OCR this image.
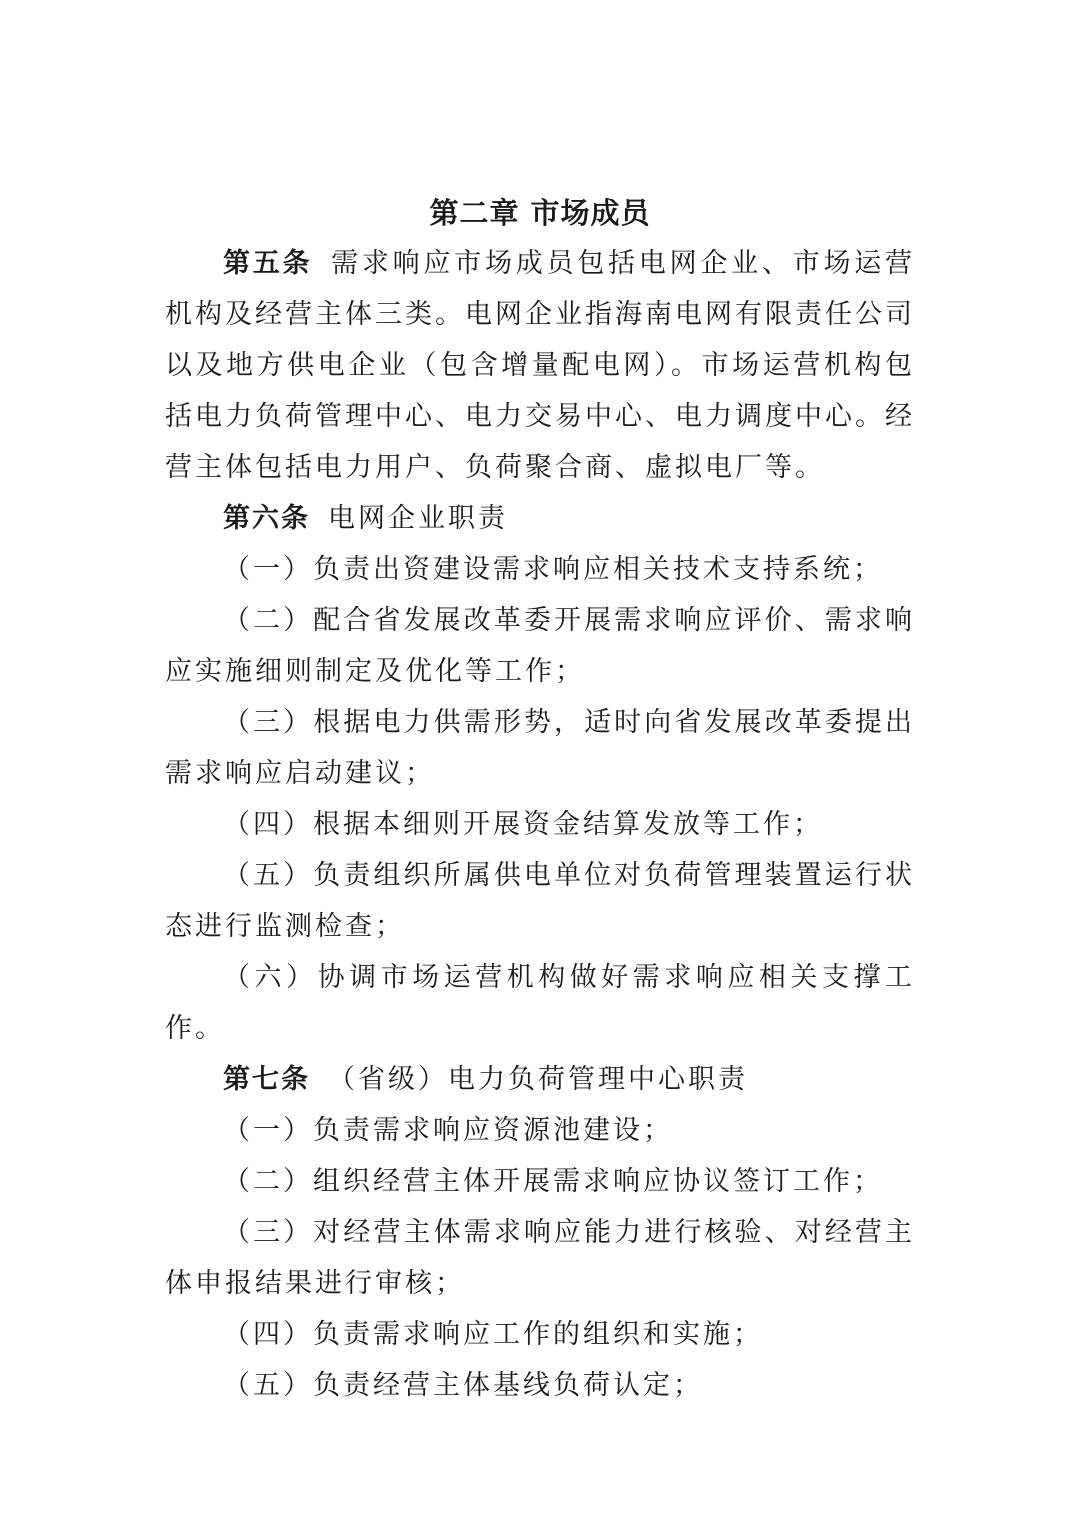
第二章 市场成员

第五条 需求响应市场成员包括电网企业、市场运营机构及经营主体三类。电网企业指海南电网有限责任公司以及地方供电企业（包含增量配电网）。市场运营机构包括电力负荷管理中心、电力交易中心、电力调度中心。经营主体包括电力用户、负荷聚合商、虚拟电厂等。

第六条 电网企业职责

（一）负责出资建设需求响应相关技术支持系统；

（二）配合省发展改革委开展需求响应评价、需求响应实施细则制定及优化等工作；

（三）根据电力供需形势，适时向省发展改革委提出需求响应启动建议；

（四）根据本细则开展资金结算发放等工作；

（五）负责组织所属供电单位对负荷管理装置运行状态进行监测检查；

（六）协调市场运营机构做好需求响应相关支撑工作。

第七条 （省级）电力负荷管理中心职责

（一）负责需求响应资源池建设；

（二）组织经营主体开展需求响应协议签订工作；

（三）对经营主体需求响应能力进行核验、对经营主体申报结果进行审核；

（四）负责需求响应工作的组织和实施；

（五）负责经营主体基线负荷认定；
